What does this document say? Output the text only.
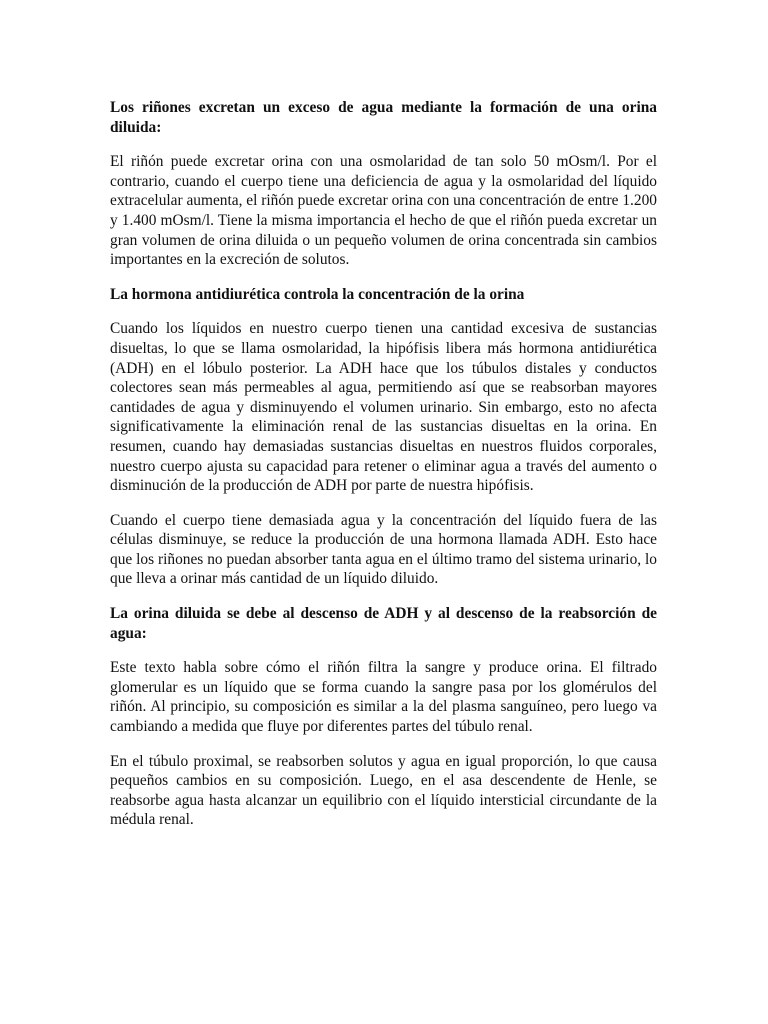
Los riñones excretan un exceso de agua mediante la formación de una orina diluida:

El riñón puede excretar orina con una osmolaridad de tan solo 50 mOsm/l. Por el contrario, cuando el cuerpo tiene una deficiencia de agua y la osmolaridad del líquido extracelular aumenta, el riñón puede excretar orina con una concentración de entre 1.200 y 1.400 mOsm/l. Tiene la misma importancia el hecho de que el riñón pueda excretar un gran volumen de orina diluida o un pequeño volumen de orina concentrada sin cambios importantes en la excreción de solutos.

La hormona antidiurética controla la concentración de la orina

Cuando los líquidos en nuestro cuerpo tienen una cantidad excesiva de sustancias disueltas, lo que se llama osmolaridad, la hipófisis libera más hormona antidiurética (ADH) en el lóbulo posterior. La ADH hace que los túbulos distales y conductos colectores sean más permeables al agua, permitiendo así que se reabsorban mayores cantidades de agua y disminuyendo el volumen urinario. Sin embargo, esto no afecta significativamente la eliminación renal de las sustancias disueltas en la orina. En resumen, cuando hay demasiadas sustancias disueltas en nuestros fluidos corporales, nuestro cuerpo ajusta su capacidad para retener o eliminar agua a través del aumento o disminución de la producción de ADH por parte de nuestra hipófisis.

Cuando el cuerpo tiene demasiada agua y la concentración del líquido fuera de las células disminuye, se reduce la producción de una hormona llamada ADH. Esto hace que los riñones no puedan absorber tanta agua en el último tramo del sistema urinario, lo que lleva a orinar más cantidad de un líquido diluido.

La orina diluida se debe al descenso de ADH y al descenso de la reabsorción de agua:

Este texto habla sobre cómo el riñón filtra la sangre y produce orina. El filtrado glomerular es un líquido que se forma cuando la sangre pasa por los glomérulos del riñón. Al principio, su composición es similar a la del plasma sanguíneo, pero luego va cambiando a medida que fluye por diferentes partes del túbulo renal.

En el túbulo proximal, se reabsorben solutos y agua en igual proporción, lo que causa pequeños cambios en su composición. Luego, en el asa descendente de Henle, se reabsorbe agua hasta alcanzar un equilibrio con el líquido intersticial circundante de la médula renal.
